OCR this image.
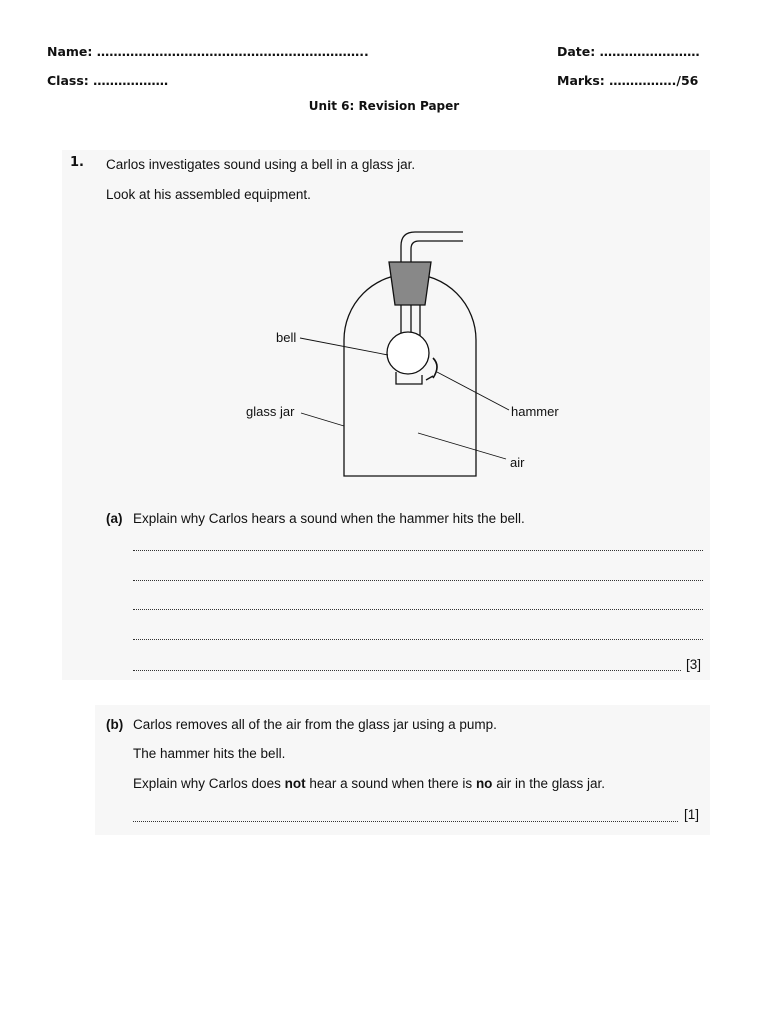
Name: ………………………………………………………..	Date: ……………………
Class: ………………	Marks: ……………./56
Unit 6: Revision Paper
1. Carlos investigates sound using a bell in a glass jar.
Look at his assembled equipment.
bell
glass jar	hammer
air
(a) Explain why Carlos hears a sound when the hammer hits the bell.
[3]
(b) Carlos removes all of the air from the glass jar using a pump.
The hammer hits the bell.
Explain why Carlos does not hear a sound when there is no air in the glass jar.
[1]
